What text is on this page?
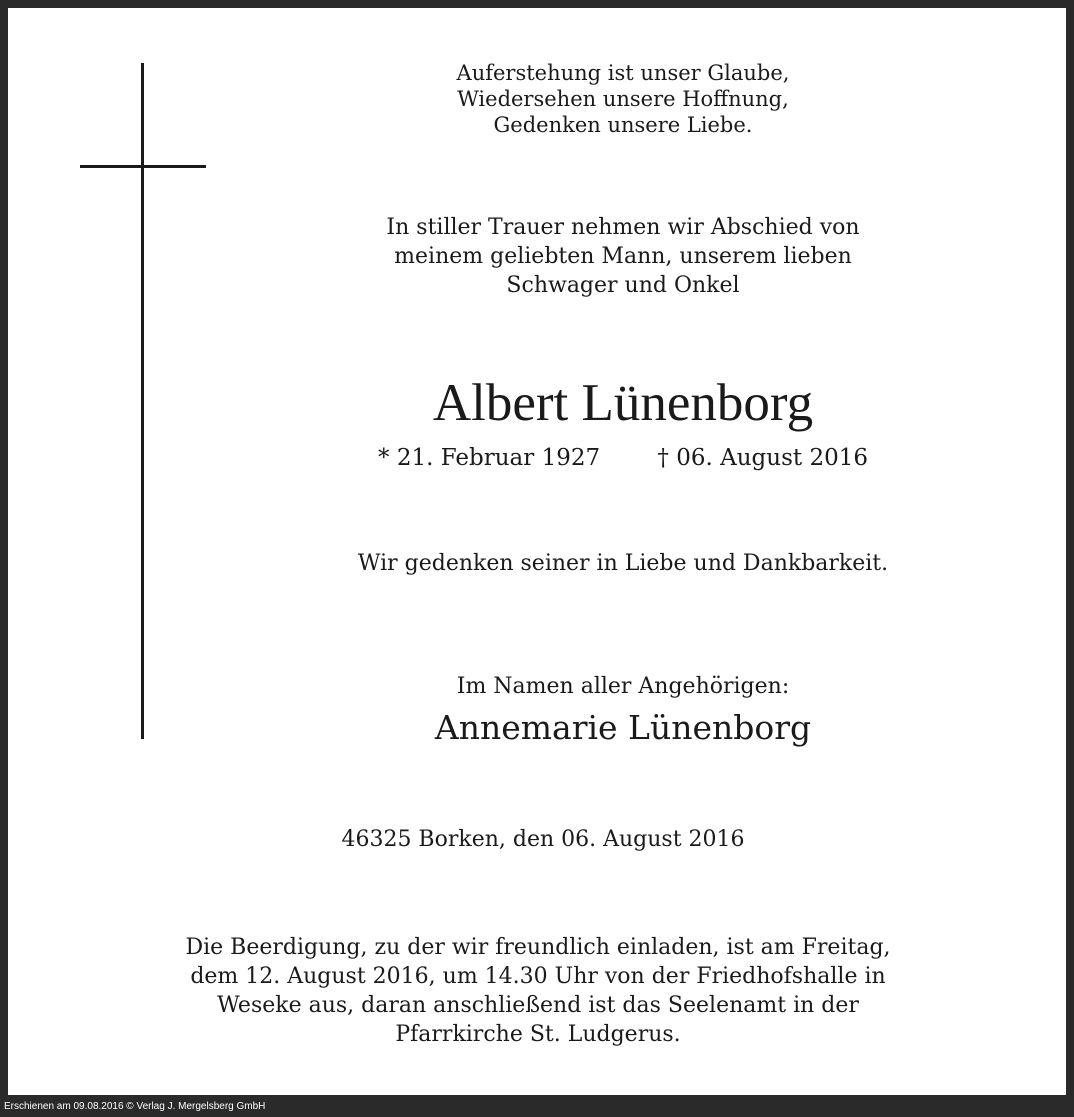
Auferstehung ist unser Glaube,
Wiedersehen unsere Hoffnung,
Gedenken unsere Liebe.
In stiller Trauer nehmen wir Abschied von
meinem geliebten Mann, unserem lieben
Schwager und Onkel
Albert Lünenborg
* 21. Februar 1927 † 06. August 2016
Wir gedenken seiner in Liebe und Dankbarkeit.
Im Namen aller Angehörigen:
Annemarie Lünenborg
46325 Borken, den 06. August 2016
Die Beerdigung, zu der wir freundlich einladen, ist am Freitag,
dem 12. August 2016, um 14.30 Uhr von der Friedhofshalle in
Weseke aus, daran anschließend ist das Seelenamt in der
Pfarrkirche St. Ludgerus.
Erschienen am 09.08.2016 © Verlag J. Mergelsberg GmbH
